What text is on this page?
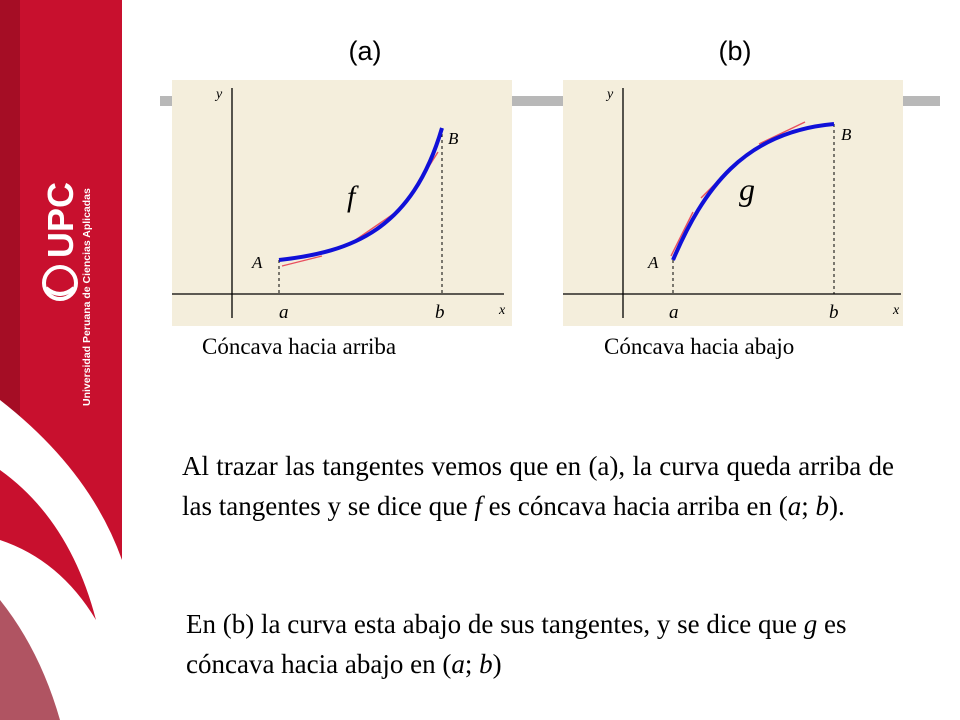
UPC Universidad Peruana de Ciencias Aplicadas
(a)	(b)
y
x
A
B
a	b
f
y
x
A
B
a	b
g
Cóncava hacia arriba	Cóncava hacia abajo
Al trazar las tangentes vemos que en (a), la curva queda arriba de las tangentes y se dice que f es cóncava hacia arriba en (a; b).
En (b) la curva esta abajo de sus tangentes, y se dice que g es cóncava hacia abajo en (a; b)
